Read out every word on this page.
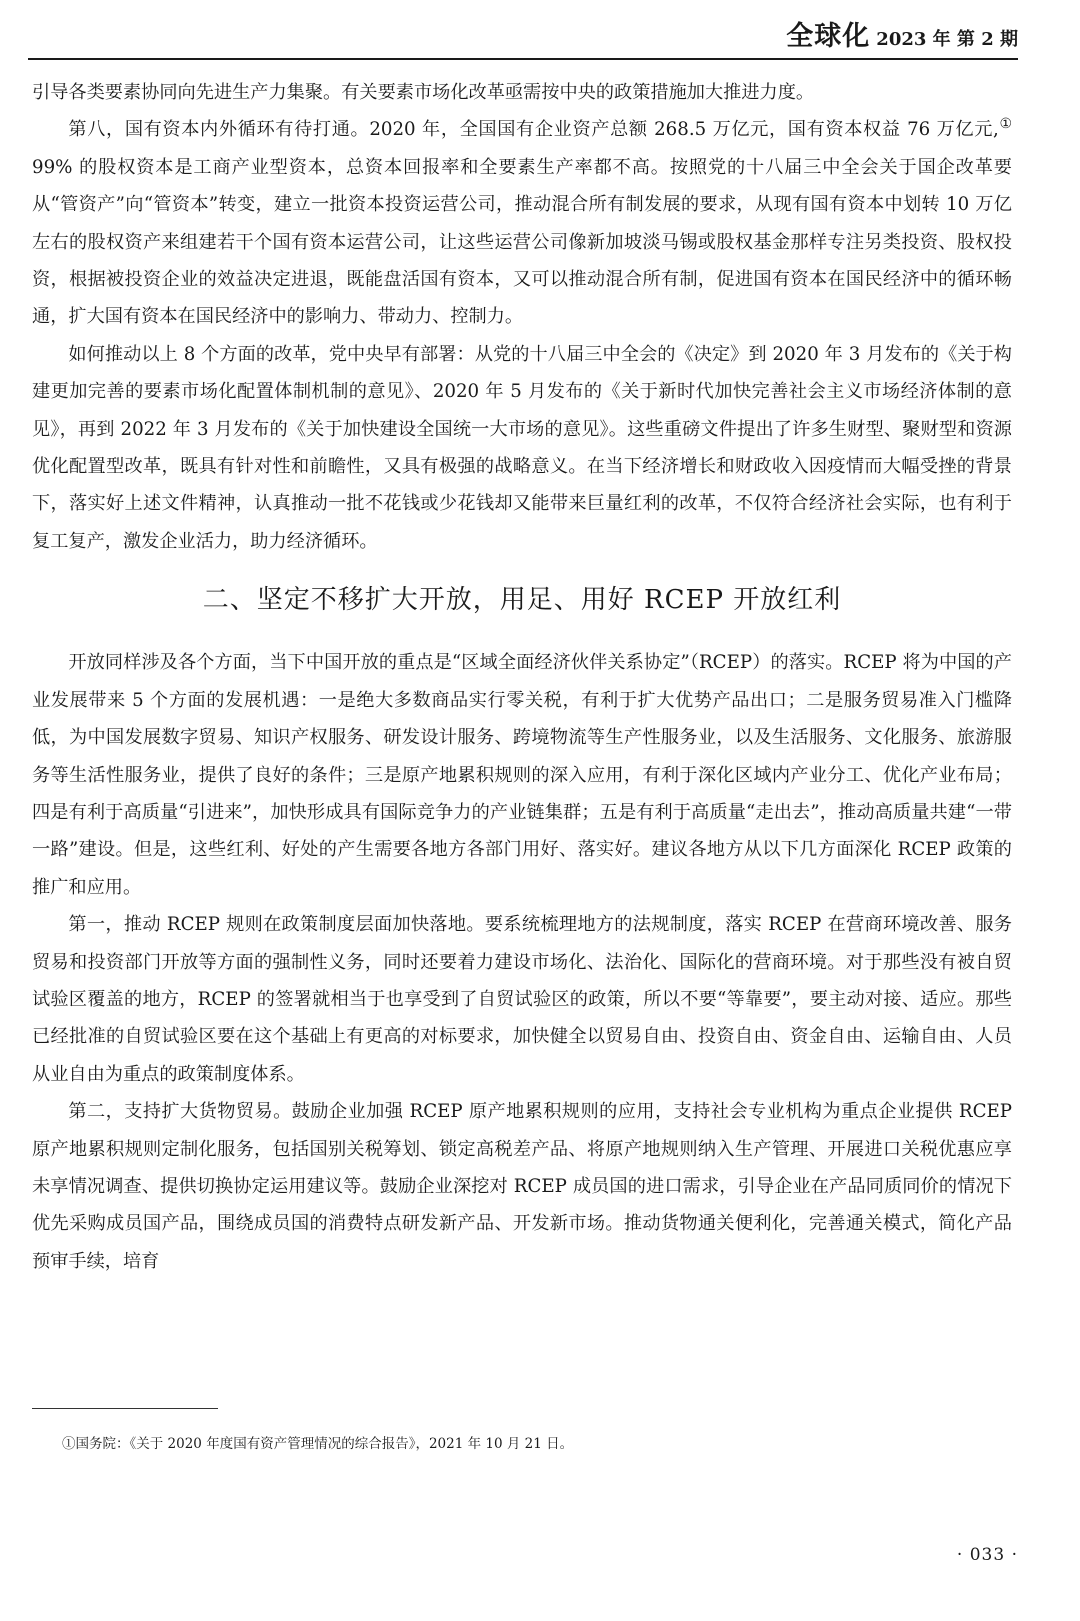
全球化 2023 年 第 2 期

引导各类要素协同向先进生产力集聚。有关要素市场化改革亟需按中央的政策措施加大推进力度。

第八，国有资本内外循环有待打通。2020 年，全国国有企业资产总额 268.5 万亿元，国有资本权益 76 万亿元,① 99% 的股权资本是工商产业型资本，总资本回报率和全要素生产率都不高。按照党的十八届三中全会关于国企改革要从“管资产”向“管资本”转变，建立一批资本投资运营公司，推动混合所有制发展的要求，从现有国有资本中划转 10 万亿左右的股权资产来组建若干个国有资本运营公司，让这些运营公司像新加坡淡马锡或股权基金那样专注另类投资、股权投资，根据被投资企业的效益决定进退，既能盘活国有资本，又可以推动混合所有制，促进国有资本在国民经济中的循环畅通，扩大国有资本在国民经济中的影响力、带动力、控制力。

如何推动以上 8 个方面的改革，党中央早有部署：从党的十八届三中全会的《决定》到 2020 年 3 月发布的《关于构建更加完善的要素市场化配置体制机制的意见》、2020 年 5 月发布的《关于新时代加快完善社会主义市场经济体制的意见》，再到 2022 年 3 月发布的《关于加快建设全国统一大市场的意见》。这些重磅文件提出了许多生财型、聚财型和资源优化配置型改革，既具有针对性和前瞻性，又具有极强的战略意义。在当下经济增长和财政收入因疫情而大幅受挫的背景下，落实好上述文件精神，认真推动一批不花钱或少花钱却又能带来巨量红利的改革，不仅符合经济社会实际，也有利于复工复产，激发企业活力，助力经济循环。

二、坚定不移扩大开放，用足、用好 RCEP 开放红利

开放同样涉及各个方面，当下中国开放的重点是“区域全面经济伙伴关系协定”（RCEP）的落实。RCEP 将为中国的产业发展带来 5 个方面的发展机遇：一是绝大多数商品实行零关税，有利于扩大优势产品出口；二是服务贸易准入门槛降低，为中国发展数字贸易、知识产权服务、研发设计服务、跨境物流等生产性服务业，以及生活服务、文化服务、旅游服务等生活性服务业，提供了良好的条件；三是原产地累积规则的深入应用，有利于深化区域内产业分工、优化产业布局；四是有利于高质量“引进来”，加快形成具有国际竞争力的产业链集群；五是有利于高质量“走出去”，推动高质量共建“一带一路”建设。但是，这些红利、好处的产生需要各地方各部门用好、落实好。建议各地方从以下几方面深化 RCEP 政策的推广和应用。

第一，推动 RCEP 规则在政策制度层面加快落地。要系统梳理地方的法规制度，落实 RCEP 在营商环境改善、服务贸易和投资部门开放等方面的强制性义务，同时还要着力建设市场化、法治化、国际化的营商环境。对于那些没有被自贸试验区覆盖的地方，RCEP 的签署就相当于也享受到了自贸试验区的政策，所以不要“等靠要”，要主动对接、适应。那些已经批准的自贸试验区要在这个基础上有更高的对标要求，加快健全以贸易自由、投资自由、资金自由、运输自由、人员从业自由为重点的政策制度体系。

第二，支持扩大货物贸易。鼓励企业加强 RCEP 原产地累积规则的应用，支持社会专业机构为重点企业提供 RCEP 原产地累积规则定制化服务，包括国别关税筹划、锁定高税差产品、将原产地规则纳入生产管理、开展进口关税优惠应享未享情况调查、提供切换协定运用建议等。鼓励企业深挖对 RCEP 成员国的进口需求，引导企业在产品同质同价的情况下优先采购成员国产品，围绕成员国的消费特点研发新产品、开发新市场。推动货物通关便利化，完善通关模式，简化产品预审手续，培育

①国务院：《关于 2020 年度国有资产管理情况的综合报告》，2021 年 10 月 21 日。
· 033 ·
